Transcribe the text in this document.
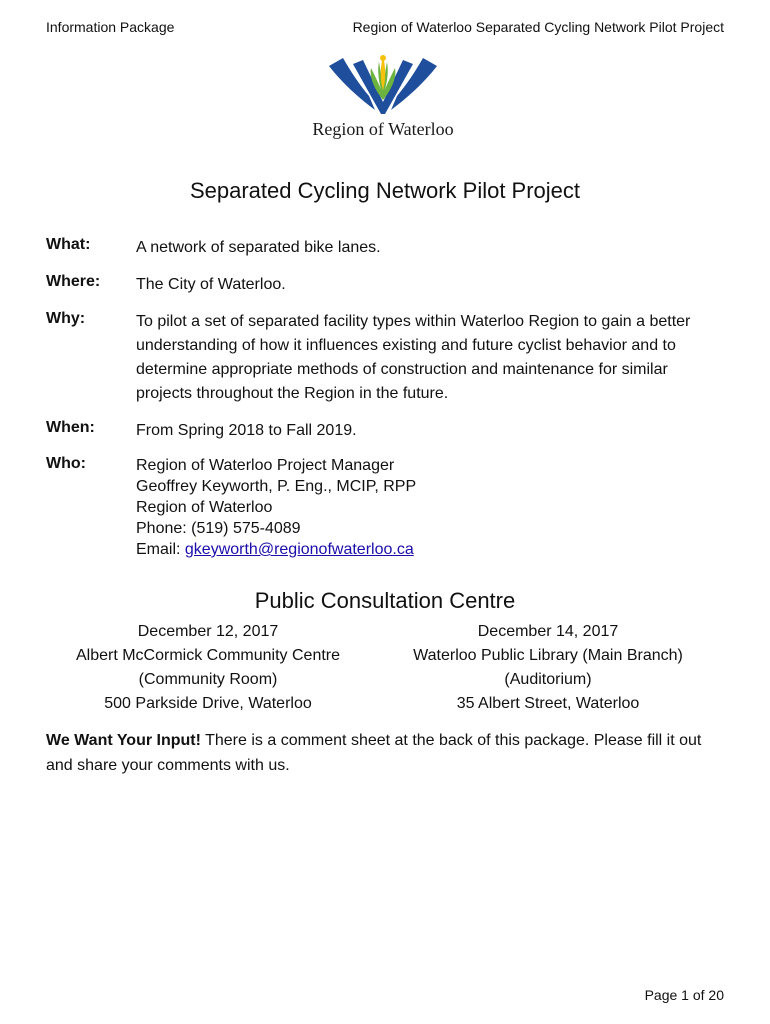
Information Package	Region of Waterloo Separated Cycling Network Pilot Project
Region of Waterloo
Separated Cycling Network Pilot Project
What:	A network of separated bike lanes.
Where:	The City of Waterloo.
Why:	To pilot a set of separated facility types within Waterloo Region to gain a better understanding of how it influences existing and future cyclist behavior and to determine appropriate methods of construction and maintenance for similar projects throughout the Region in the future.
When:	From Spring 2018 to Fall 2019.
Who:	Region of Waterloo Project Manager
Geoffrey Keyworth, P. Eng., MCIP, RPP
Region of Waterloo
Phone: (519) 575-4089
Email: gkeyworth@regionofwaterloo.ca
Public Consultation Centre
December 12, 2017
Albert McCormick Community Centre
(Community Room)
500 Parkside Drive, Waterloo
December 14, 2017
Waterloo Public Library (Main Branch)
(Auditorium)
35 Albert Street, Waterloo
We Want Your Input! There is a comment sheet at the back of this package. Please fill it out and share your comments with us.
Page 1 of 20
